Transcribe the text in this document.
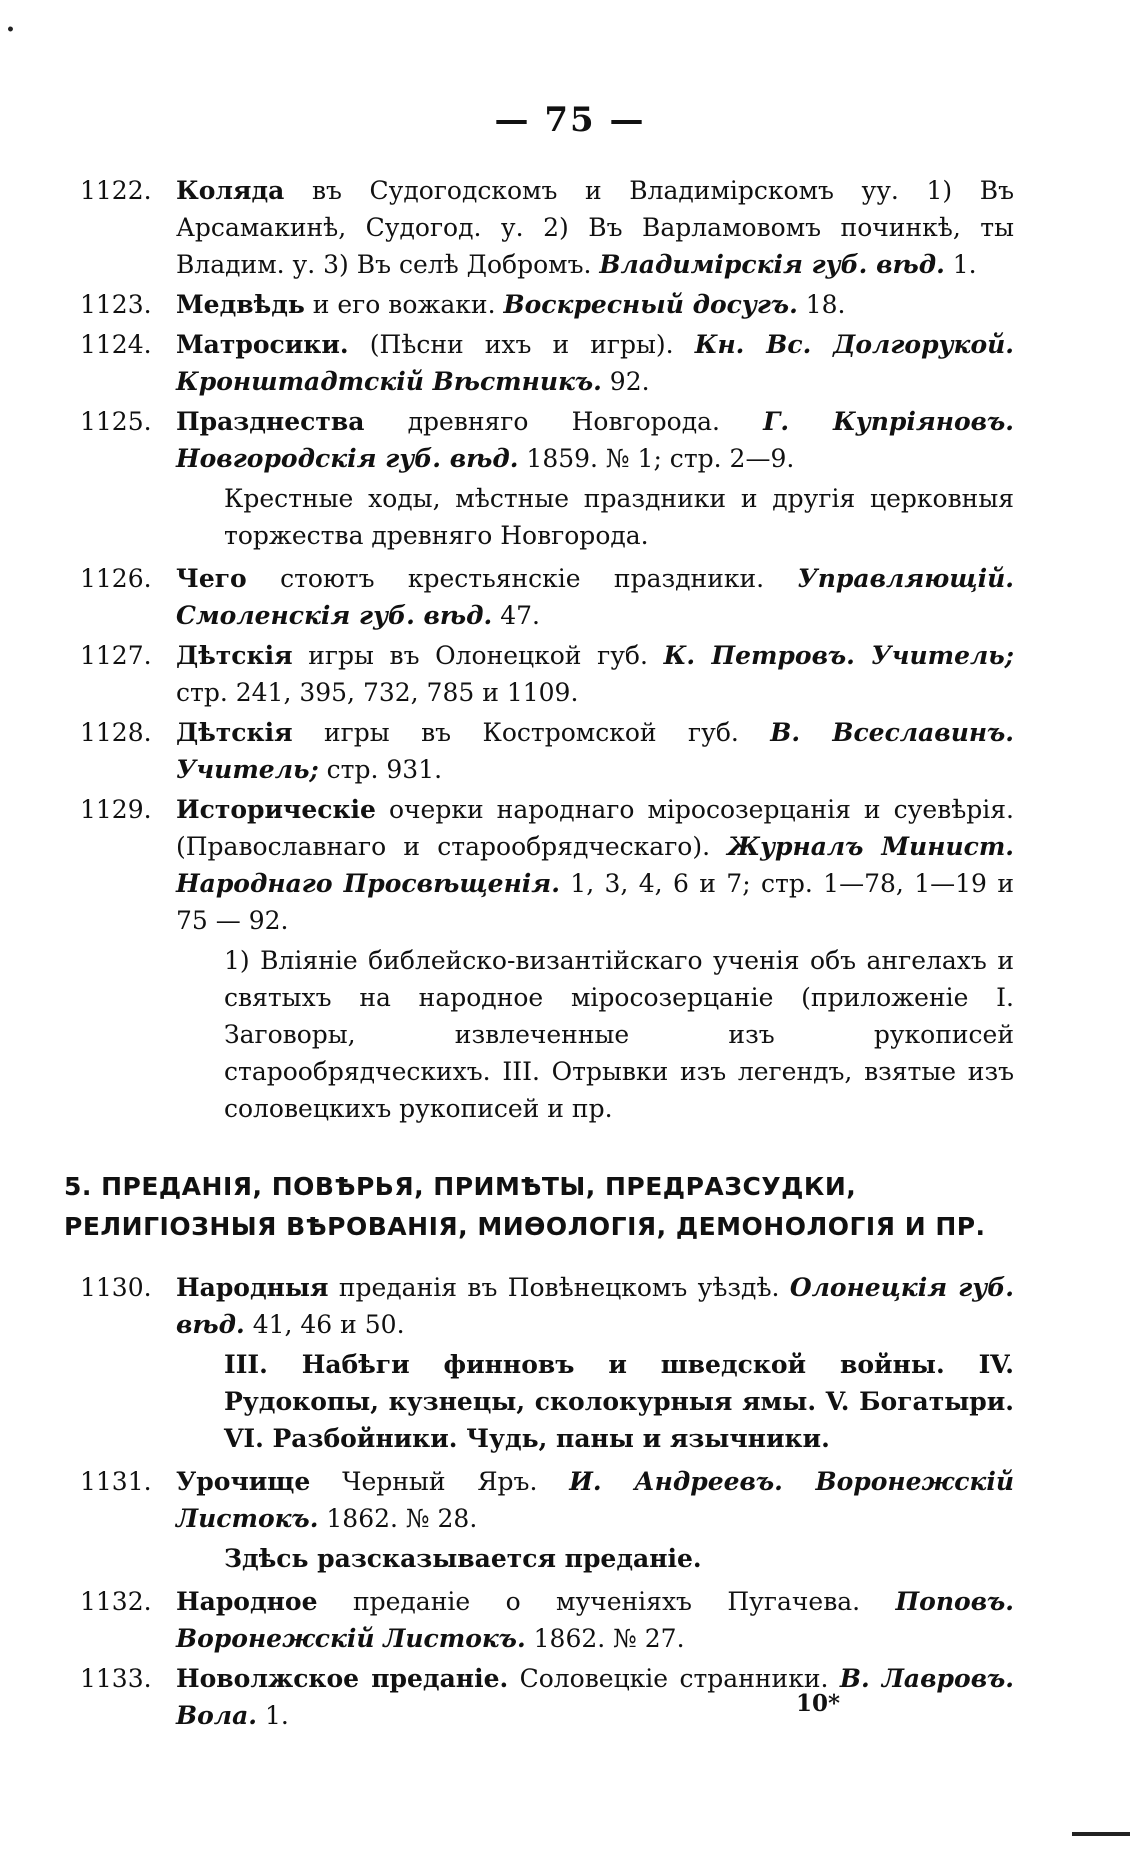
— 75 —
1122. Коляда въ Судогодскомъ и Владимірскомъ уу. 1) Въ Арсамакинѣ, Судогод. у. 2) Въ Варламовомъ починкѣ, ты Владим. у. 3) Въ селѣ Добромъ. Владимірскія губ. вѣд. 1.
1123. Медвѣдь и его вожаки. Воскресный досугъ. 18.
1124. Матросики. (Пѣсни ихъ и игры). Кн. Вс. Долгорукой. Кронштадтскій Вѣстникъ. 92.
1125. Празднества древняго Новгорода. Г. Купріяновъ. Новгородскія губ. вѣд. 1859. № 1; стр. 2—9.
Крестные ходы, мѣстные праздники и другія церковныя торжества древняго Новгорода.
1126. Чего стоютъ крестьянскіе праздники. Управляющій. Смоленскія губ. вѣд. 47.
1127. Дѣтскія игры въ Олонецкой губ. К. Петровъ. Учитель; стр. 241, 395, 732, 785 и 1109.
1128. Дѣтскія игры въ Костромской губ. В. Всеславинъ. Учитель; стр. 931.
1129. Историческіе очерки народнаго міросозерцанія и суевѣрія. (Православнаго и старообрядческаго). Журналъ Минист. Народнаго Просвѣщенія. 1, 3, 4, 6 и 7; стр. 1—78, 1—19 и 75 — 92.
1) Вліяніе библейско-византійскаго ученія объ ангелахъ и святыхъ на народное міросозерцаніе (приложеніе I. Заговоры, извлеченные изъ рукописей старообрядческихъ. III. Отрывки изъ легендъ, взятые изъ соловецкихъ рукописей и пр.
5. ПРЕДАНІЯ, ПОВѢРЬЯ, ПРИМѢТЫ, ПРЕДРАЗСУДКИ, РЕЛИГІОЗНЫЯ ВѢРОВАНІЯ, МИѲОЛОГІЯ, ДЕМОНОЛОГІЯ И ПР.
1130. Народныя преданія въ Повѣнецкомъ уѣздѣ. Олонецкія губ. вѣд. 41, 46 и 50.
III. Набѣги финновъ и шведской войны. IV. Рудокопы, кузнецы, сколокурныя ямы. V. Богатыри. VI. Разбойники. Чудь, паны и язычники.
1131. Урочище Черный Яръ. И. Андреевъ. Воронежскій Листокъ. 1862. № 28.
Здѣсь разсказывается преданіе.
1132. Народное преданіе о мученіяхъ Пугачева. Поповъ. Воронежскій Листокъ. 1862. № 27.
1133. Новолжское преданіе. Соловецкіе странники. В. Лавровъ. Вола. 1.	10*
•
